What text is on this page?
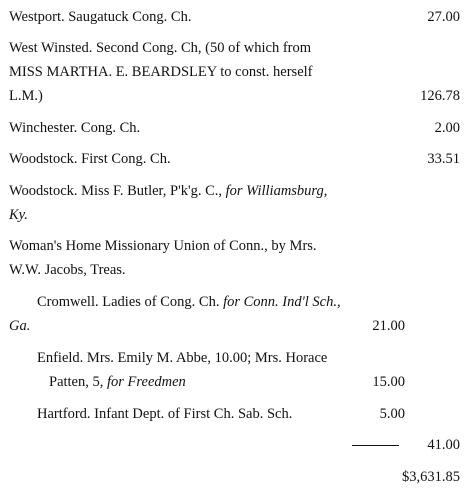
Westport. Saugatuck Cong. Ch.	27.00
West Winsted. Second Cong. Ch, (50 of which from
MISS MARTHA. E. BEARDSLEY to const. herself
L.M.)	126.78
Winchester. Cong. Ch.	2.00
Woodstock. First Cong. Ch.	33.51
Woodstock. Miss F. Butler, P'k'g. C., for Williamsburg,
Ky.
Woman's Home Missionary Union of Conn., by Mrs.
W.W. Jacobs, Treas.
Cromwell. Ladies of Cong. Ch. for Conn. Ind'l Sch.,
Ga.	21.00
Enfield. Mrs. Emily M. Abbe, 10.00; Mrs. Horace
Patten, 5, for Freedmen	15.00
Hartford. Infant Dept. of First Ch. Sab. Sch.	5.00
41.00
$3,631.85
